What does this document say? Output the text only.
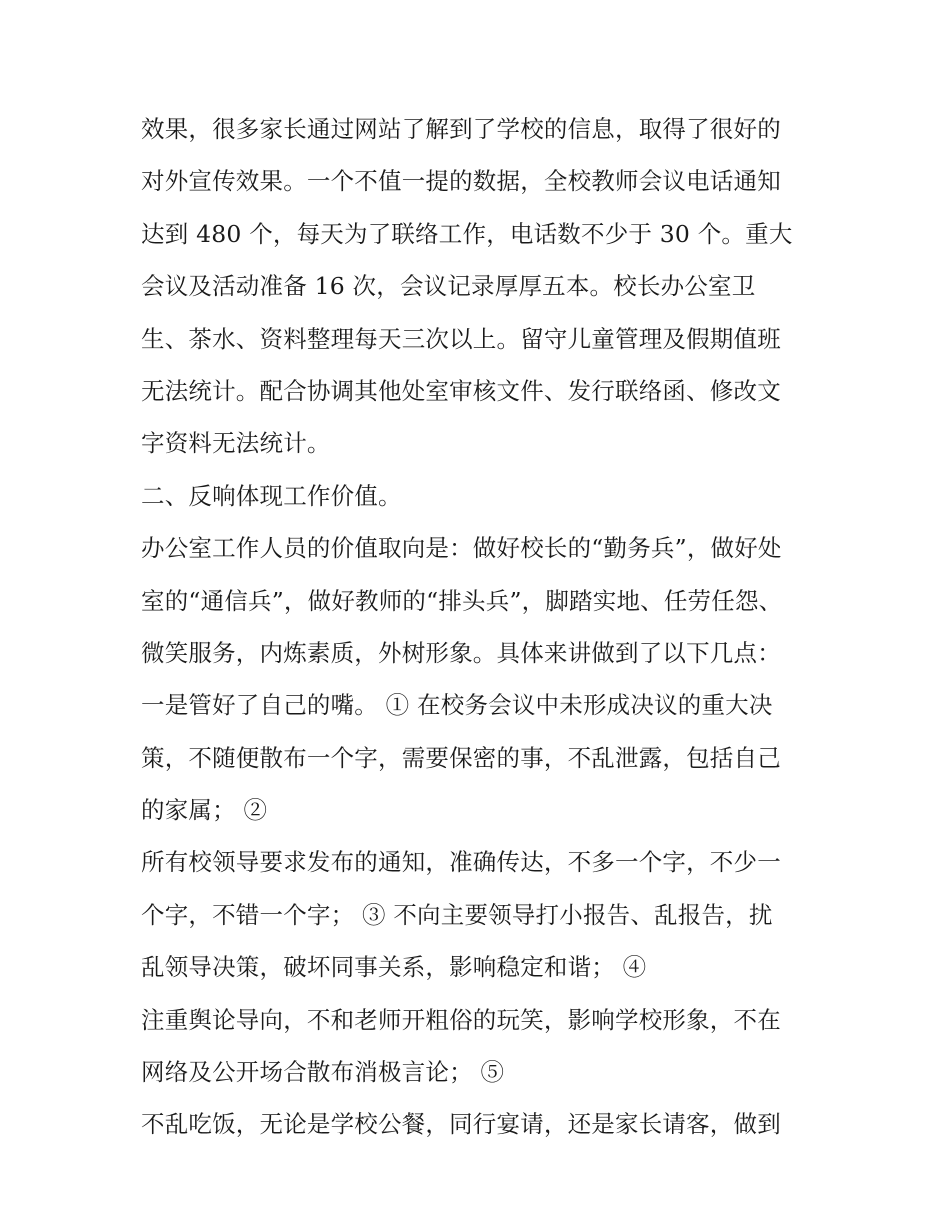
效果，很多家长通过网站了解到了学校的信息，取得了很好的
对外宣传效果。一个不值一提的数据，全校教师会议电话通知
达到 480 个，每天为了联络工作，电话数不少于 30 个。重大
会议及活动准备 16 次，会议记录厚厚五本。校长办公室卫
生、茶水、资料整理每天三次以上。留守儿童管理及假期值班
无法统计。配合协调其他处室审核文件、发行联络函、修改文
字资料无法统计。
二、反响体现工作价值。
办公室工作人员的价值取向是：做好校长的“勤务兵”，做好处
室的“通信兵”，做好教师的“排头兵”，脚踏实地、任劳任怨、
微笑服务，内炼素质，外树形象。具体来讲做到了以下几点：
一是管好了自己的嘴。 ① 在校务会议中未形成决议的重大决
策，不随便散布一个字，需要保密的事，不乱泄露，包括自己
的家属； ②
所有校领导要求发布的通知，准确传达，不多一个字，不少一
个字，不错一个字； ③ 不向主要领导打小报告、乱报告，扰
乱领导决策，破坏同事关系，影响稳定和谐； ④
注重舆论导向，不和老师开粗俗的玩笑，影响学校形象，不在
网络及公开场合散布消极言论； ⑤
不乱吃饭，无论是学校公餐，同行宴请，还是家长请客，做到
